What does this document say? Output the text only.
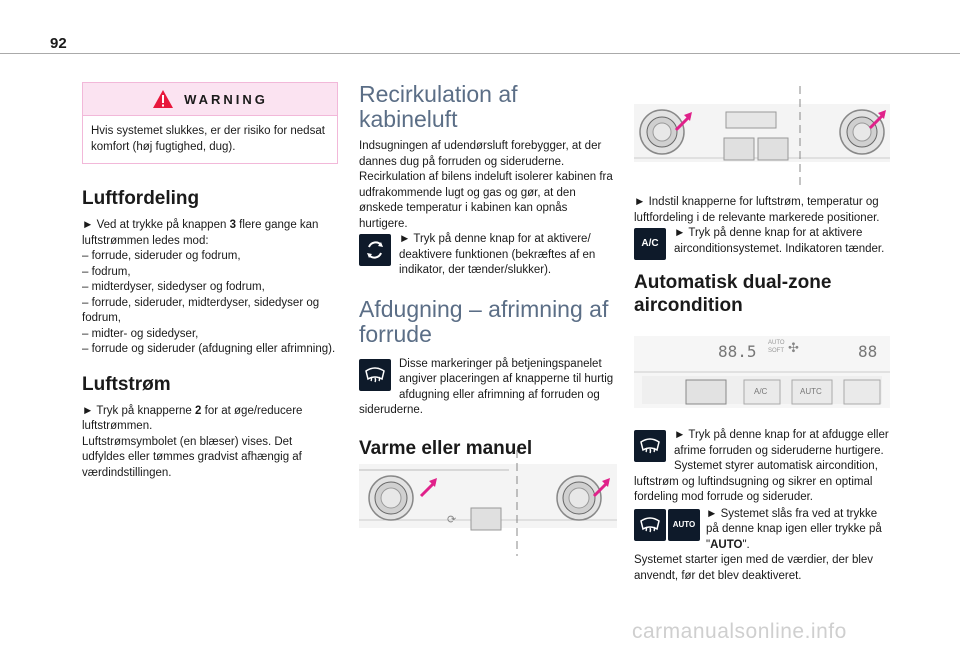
92
WARNING

Hvis systemet slukkes, er der risiko for nedsat komfort (høj fugtighed, dug).

Luftfordeling

► Ved at trykke på knappen 3 flere gange kan luftstrømmen ledes mod:

– forrude, sideruder og fodrum,

– fodrum,

– midterdyser, sidedyser og fodrum,

– forrude, sideruder, midterdyser, sidedyser og fodrum,

– midter- og sidedyser,

– forrude og sideruder (afdugning eller afrimning).

Luftstrøm

► Tryk på knapperne 2 for at øge/reducere luftstrømmen.

Luftstrømsymbolet (en blæser) vises. Det udfyldes eller tømmes gradvist afhængig af værdindstillingen.

Recirkulation af kabineluft

Indsugningen af udendørsluft forebygger, at der dannes dug på forruden og sideruderne. Recirkulation af bilens indeluft isolerer kabinen fra udfrakommende lugt og gas og gør, at den ønskede temperatur i kabinen kan opnås hurtigere.

► Tryk på denne knap for at aktivere/ deaktivere funktionen (bekræftes af en indikator, der tænder/slukker).

Afdugning – afrimning af forrude

Disse markeringer på betjeningspanelet angiver placeringen af knapperne til hurtig afdugning eller afrimning af forruden og sideruderne.

Varme eller manuel
⟳

► Indstil knapperne for luftstrøm, temperatur og luftfordeling i de relevante markerede positioner.

A/C

► Tryk på denne knap for at aktivere airconditionsystemet. Indikatoren tænder.

Automatisk dual-zone aircondition
88.5 AUTO
SOFT ✣	88
A/C	AUTC

► Tryk på denne knap for at afdugge eller afrime forruden og sideruderne hurtigere.

Systemet styrer automatisk aircondition, luftstrøm og luftindsugning og sikrer en optimal fordeling mod forrude og sideruder.

AUTO

► Systemet slås fra ved at trykke på denne knap igen eller trykke på "AUTO".

Systemet starter igen med de værdier, der blev anvendt, før det blev deaktiveret.

carmanualsonline.info
